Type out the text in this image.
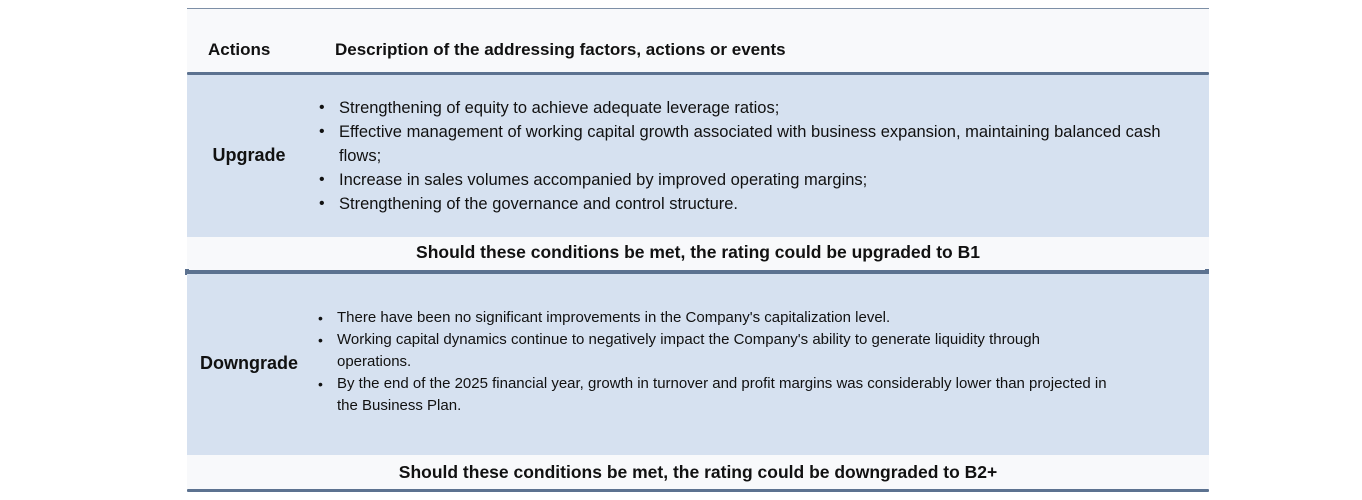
Actions	Description of the addressing factors, actions or events
Upgrade
• Strengthening of equity to achieve adequate leverage ratios;
• Effective management of working capital growth associated with business expansion, maintaining balanced cash flows;
• Increase in sales volumes accompanied by improved operating margins;
• Strengthening of the governance and control structure.
Should these conditions be met, the rating could be upgraded to B1
Downgrade
• There have been no significant improvements in the Company's capitalization level.
• Working capital dynamics continue to negatively impact the Company's ability to generate liquidity through operations.
• By the end of the 2025 financial year, growth in turnover and profit margins was considerably lower than projected in the Business Plan.
Should these conditions be met, the rating could be downgraded to B2+
